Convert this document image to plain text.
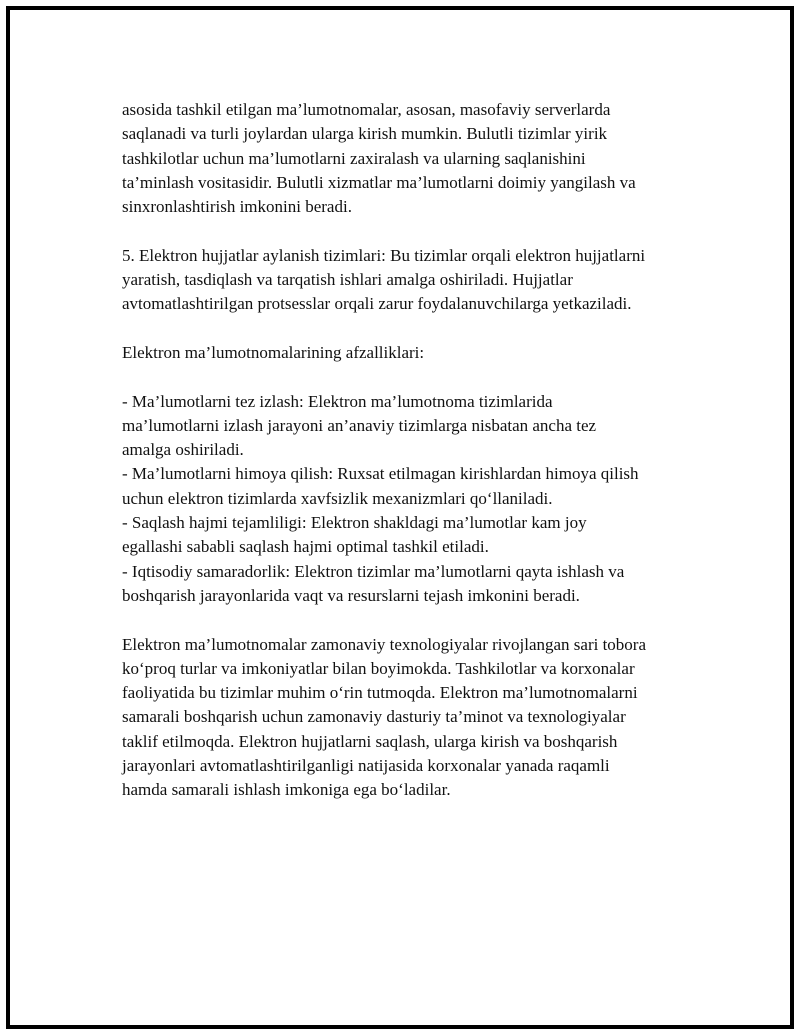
asosida tashkil etilgan ma’lumotnomalar, asosan, masofaviy serverlarda
saqlanadi va turli joylardan ularga kirish mumkin. Bulutli tizimlar yirik
tashkilotlar uchun ma’lumotlarni zaxiralash va ularning saqlanishini
ta’minlash vositasidir. Bulutli xizmatlar ma’lumotlarni doimiy yangilash va
sinxronlashtirish imkonini beradi.
5. Elektron hujjatlar aylanish tizimlari: Bu tizimlar orqali elektron hujjatlarni
yaratish, tasdiqlash va tarqatish ishlari amalga oshiriladi. Hujjatlar
avtomatlashtirilgan protsesslar orqali zarur foydalanuvchilarga yetkaziladi.
Elektron ma’lumotnomalarining afzalliklari:
- Ma’lumotlarni tez izlash: Elektron ma’lumotnoma tizimlarida
ma’lumotlarni izlash jarayoni an’anaviy tizimlarga nisbatan ancha tez
amalga oshiriladi.
- Ma’lumotlarni himoya qilish: Ruxsat etilmagan kirishlardan himoya qilish
uchun elektron tizimlarda xavfsizlik mexanizmlari qo‘llaniladi.
- Saqlash hajmi tejamliligi: Elektron shakldagi ma’lumotlar kam joy
egallashi sababli saqlash hajmi optimal tashkil etiladi.
- Iqtisodiy samaradorlik: Elektron tizimlar ma’lumotlarni qayta ishlash va
boshqarish jarayonlarida vaqt va resurslarni tejash imkonini beradi.
Elektron ma’lumotnomalar zamonaviy texnologiyalar rivojlangan sari tobora
ko‘proq turlar va imkoniyatlar bilan boyimokda. Tashkilotlar va korxonalar
faoliyatida bu tizimlar muhim o‘rin tutmoqda. Elektron ma’lumotnomalarni
samarali boshqarish uchun zamonaviy dasturiy ta’minot va texnologiyalar
taklif etilmoqda. Elektron hujjatlarni saqlash, ularga kirish va boshqarish
jarayonlari avtomatlashtirilganligi natijasida korxonalar yanada raqamli
hamda samarali ishlash imkoniga ega bo‘ladilar.
